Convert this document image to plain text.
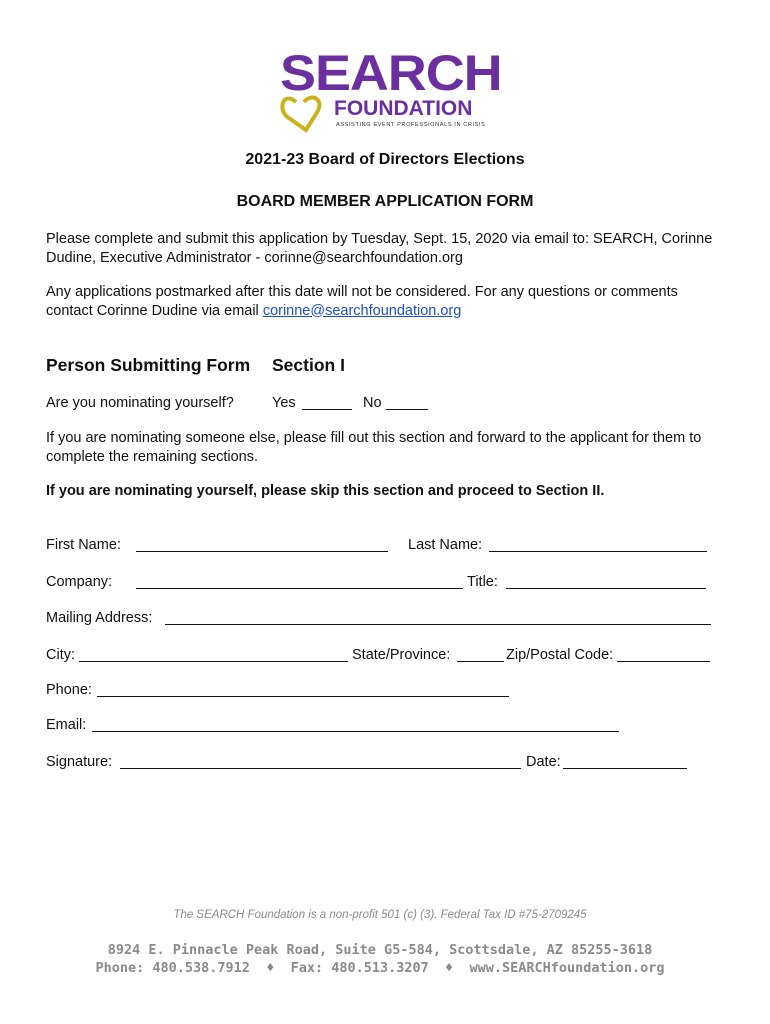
SEARCH
FOUNDATION
ASSISTING EVENT PROFESSIONALS IN CRISIS
2021-23 Board of Directors Elections
BOARD MEMBER APPLICATION FORM
Please complete and submit this application by Tuesday, Sept. 15, 2020 via email to: SEARCH, Corinne Dudine, Executive Administrator - corinne@searchfoundation.org
Any applications postmarked after this date will not be considered. For any questions or comments contact Corinne Dudine via email corinne@searchfoundation.org
Person Submitting Form Section I
Are you nominating yourself?	Yes	No
If you are nominating someone else, please fill out this section and forward to the applicant for them to complete the remaining sections.
If you are nominating yourself, please skip this section and proceed to Section II.
First Name:	Last Name:
Company:	Title:
Mailing Address:
City:	State/Province:	Zip/Postal Code:
Phone:
Email:
Signature:	Date:
The SEARCH Foundation is a non-profit 501 (c) (3). Federal Tax ID #75-2709245
8924 E. Pinnacle Peak Road, Suite G5-584, Scottsdale, AZ 85255-3618
Phone: 480.538.7912 ♦ Fax: 480.513.3207 ♦ www.SEARCHfoundation.org
